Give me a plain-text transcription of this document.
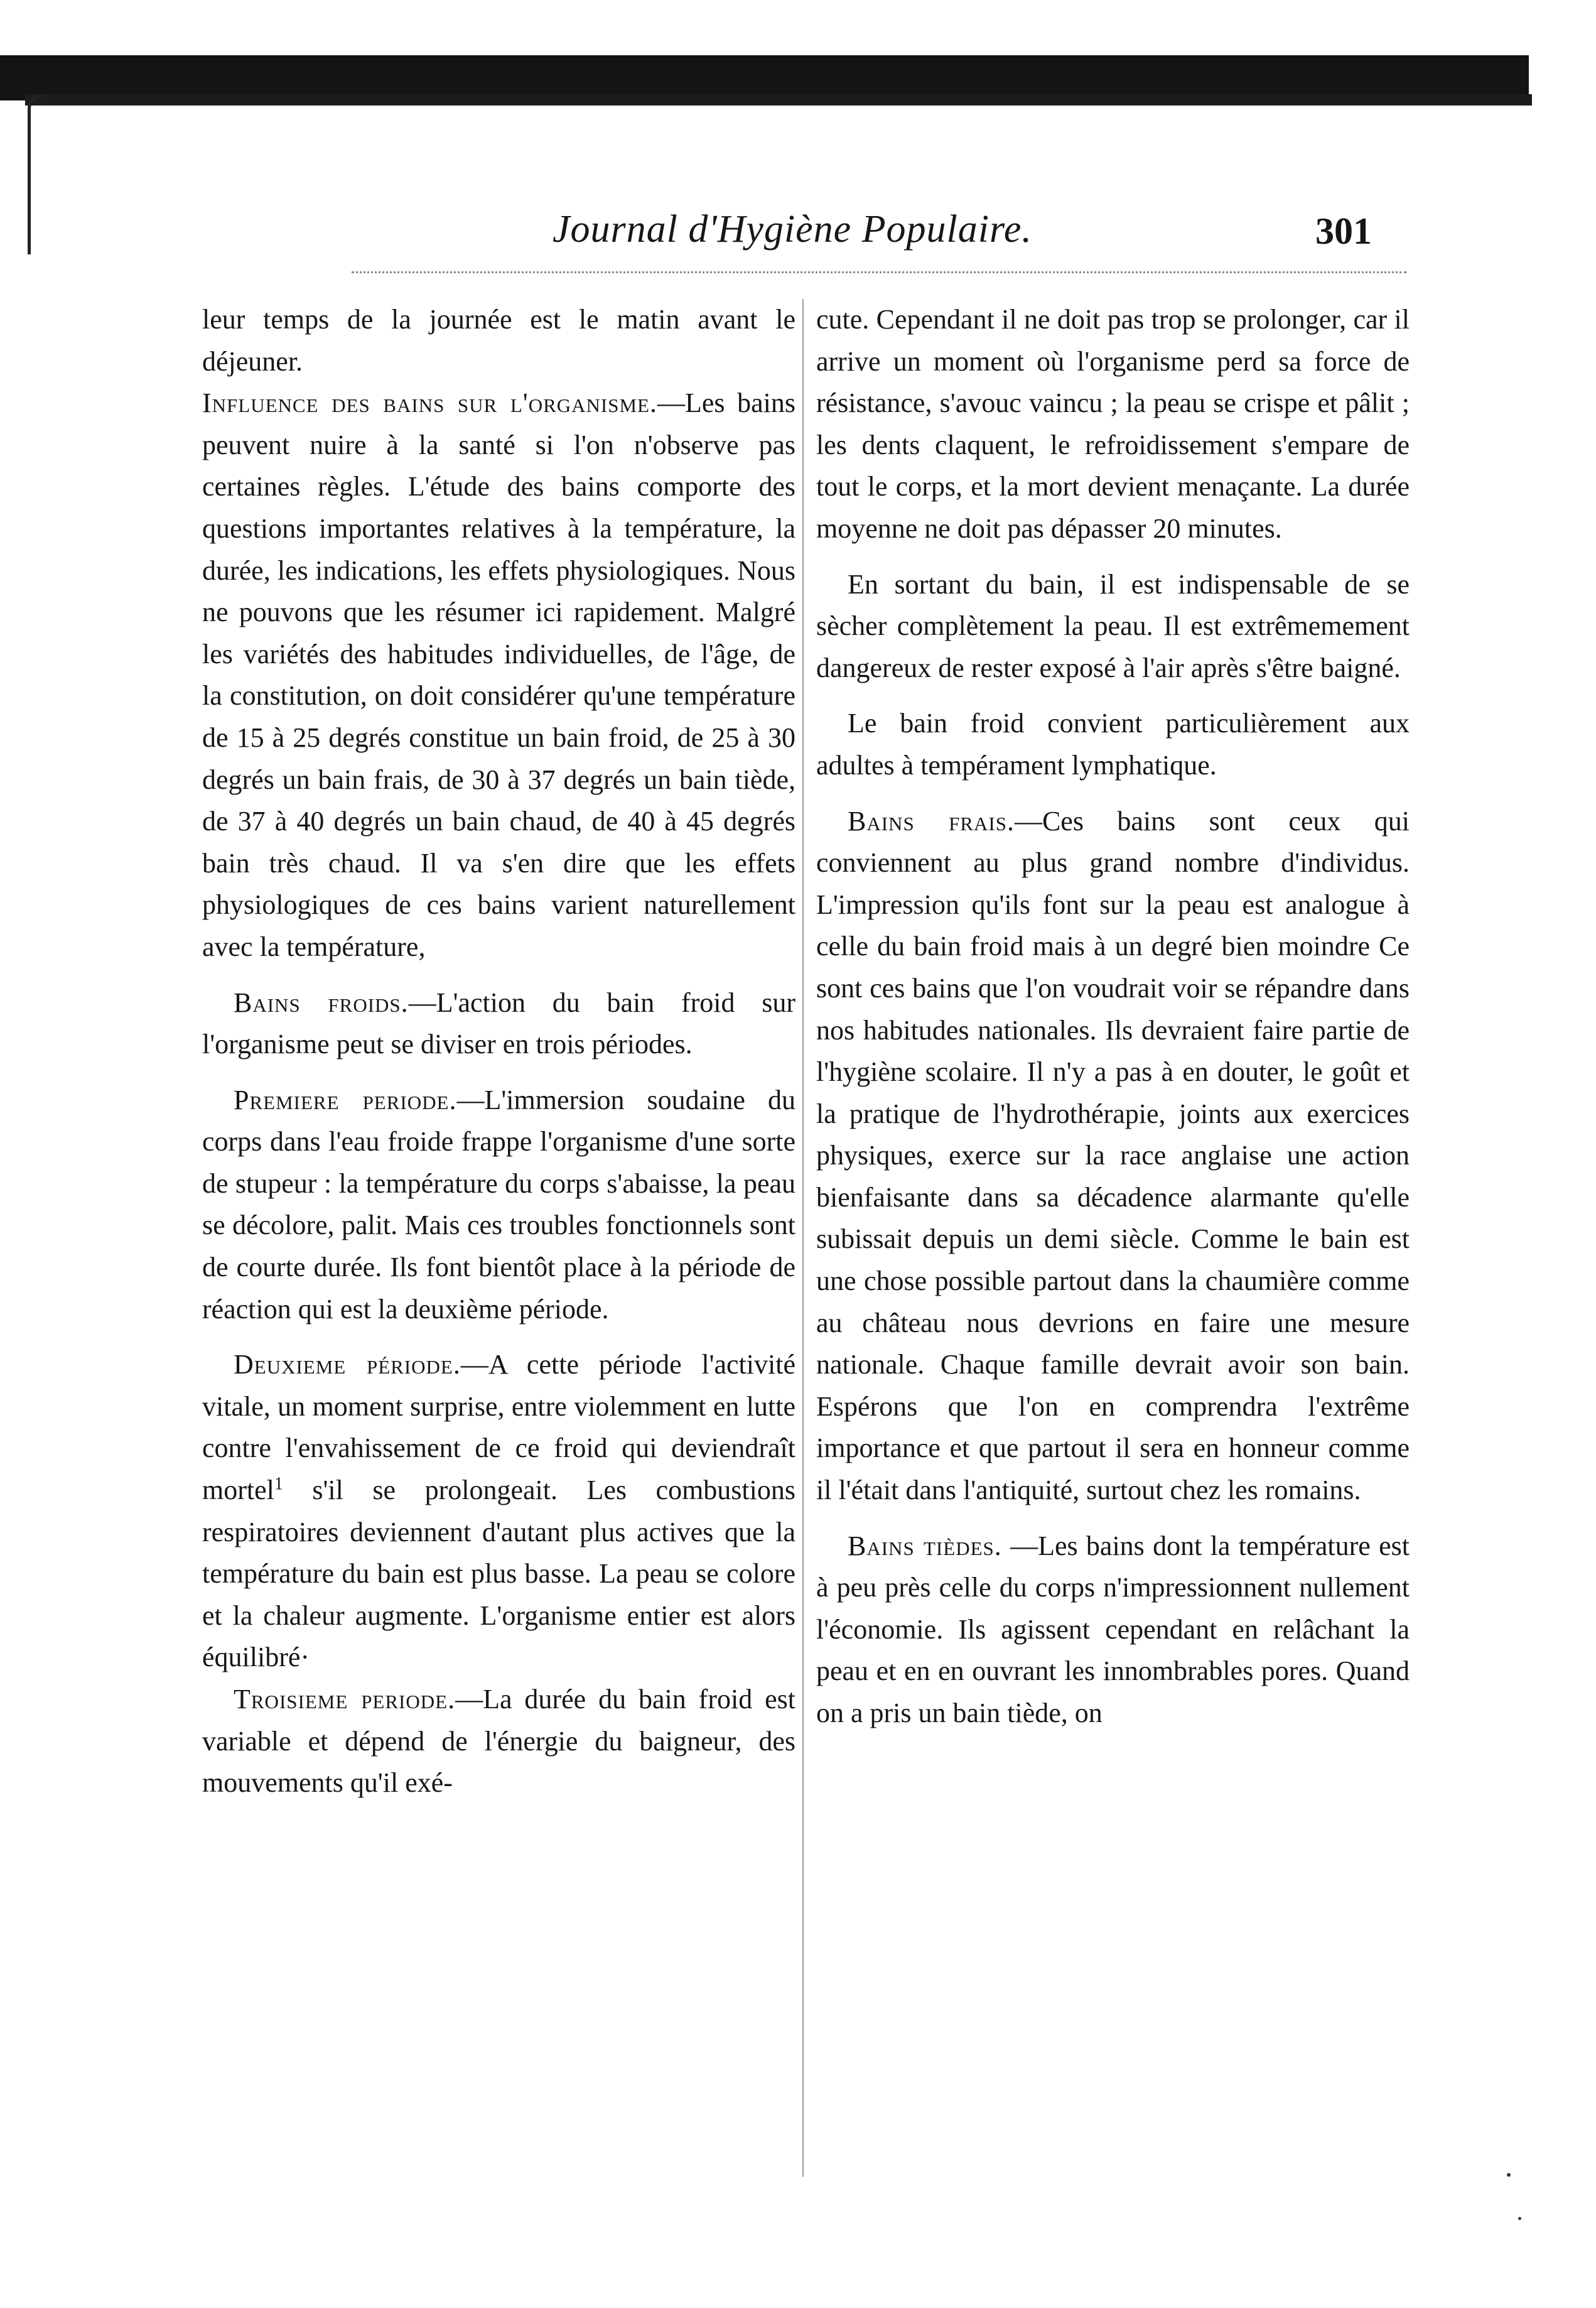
Journal d'Hygiène Populaire.	301

leur temps de la journée est le matin avant le déjeuner.

Influence des bains sur l'organisme.—Les bains peuvent nuire à la santé si l'on n'observe pas certaines règles. L'étude des bains comporte des questions importantes relatives à la température, la durée, les indications, les effets physiologiques. Nous ne pouvons que les résumer ici rapidement. Malgré les variétés des habitudes individuelles, de l'âge, de la constitution, on doit considérer qu'une température de 15 à 25 degrés constitue un bain froid, de 25 à 30 degrés un bain frais, de 30 à 37 degrés un bain tiède, de 37 à 40 degrés un bain chaud, de 40 à 45 degrés bain très chaud. Il va s'en dire que les effets physiologiques de ces bains varient naturellement avec la température,

Bains froids.—L'action du bain froid sur l'organisme peut se diviser en trois périodes.

Premiere periode.—L'immersion soudaine du corps dans l'eau froide frappe l'organisme d'une sorte de stupeur : la température du corps s'abaisse, la peau se décolore, palit. Mais ces troubles fonctionnels sont de courte durée. Ils font bientôt place à la période de réaction qui est la deuxième période.

Deuxieme période.—A cette période l'activité vitale, un moment surprise, entre violemment en lutte contre l'envahissement de ce froid qui deviendraît mortel$^1$ s'il se prolongeait. Les combustions respiratoires deviennent d'autant plus actives que la température du bain est plus basse. La peau se colore et la chaleur augmente. L'organisme entier est alors équilibré·

Troisieme periode.—La durée du bain froid est variable et dépend de l'énergie du baigneur, des mouvements qu'il exé-

cute. Cependant il ne doit pas trop se prolonger, car il arrive un moment où l'organisme perd sa force de résistance, s'avouc vaincu ; la peau se crispe et pâlit ; les dents claquent, le refroidissement s'empare de tout le corps, et la mort devient menaçante. La durée moyenne ne doit pas dépasser 20 minutes.

En sortant du bain, il est indispensable de se sècher complètement la peau. Il est extrêmemement dangereux de rester exposé à l'air après s'être baigné.

Le bain froid convient particulièrement aux adultes à tempérament lymphatique.

Bains frais.—Ces bains sont ceux qui conviennent au plus grand nombre d'individus. L'impression qu'ils font sur la peau est analogue à celle du bain froid mais à un degré bien moindre Ce sont ces bains que l'on voudrait voir se répandre dans nos habitudes nationales. Ils devraient faire partie de l'hygiène scolaire. Il n'y a pas à en douter, le goût et la pratique de l'hydrothérapie, joints aux exercices physiques, exerce sur la race anglaise une action bienfaisante dans sa décadence alarmante qu'elle subissait depuis un demi siècle. Comme le bain est une chose possible partout dans la chaumière comme au château nous devrions en faire une mesure nationale. Chaque famille devrait avoir son bain. Espérons que l'on en comprendra l'extrême importance et que partout il sera en honneur comme il l'était dans l'antiquité, surtout chez les romains.

Bains tièdes. —Les bains dont la température est à peu près celle du corps n'impressionnent nullement l'économie. Ils agissent cependant en relâchant la peau et en en ouvrant les innombrables pores. Quand on a pris un bain tiède, on
